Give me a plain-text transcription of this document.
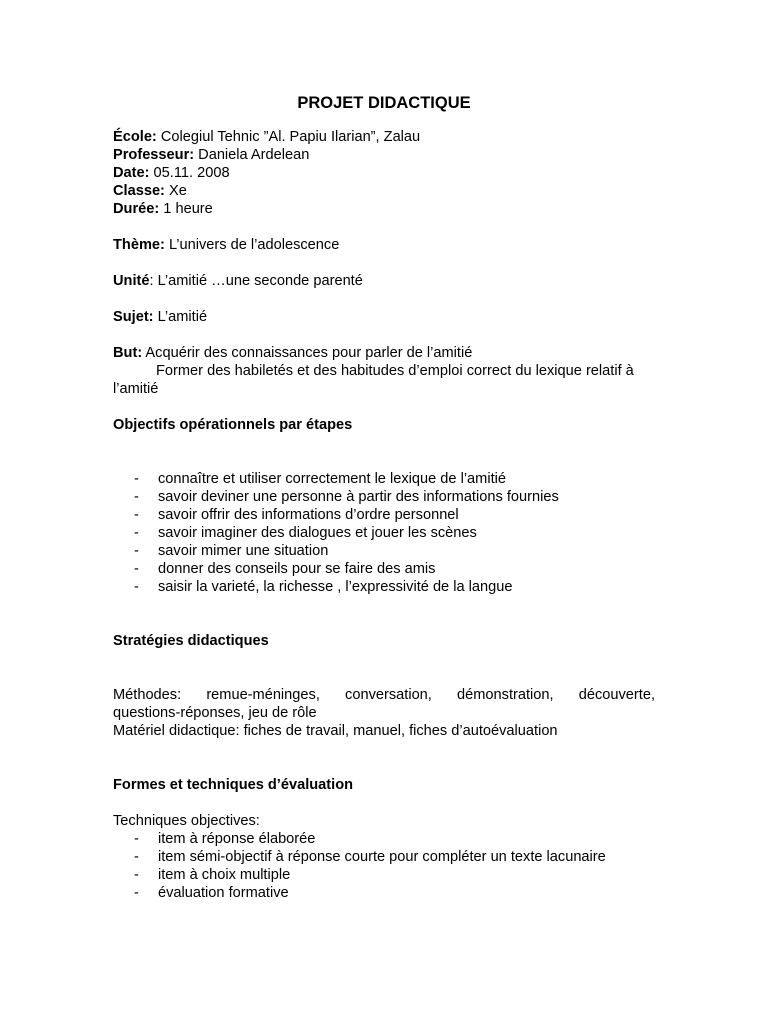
PROJET DIDACTIQUE
École: Colegiul Tehnic ”Al. Papiu Ilarian”, Zalau
Professeur: Daniela Ardelean
Date: 05.11. 2008
Classe: Xe
Durée: 1 heure
Thème: L’univers de l’adolescence
Unité: L’amitié …une seconde parenté
Sujet: L’amitié
But: Acquérir des connaissances pour parler de l’amitié
Former des habiletés et des habitudes d’emploi correct du lexique relatif à
l’amitié
Objectifs opérationnels par étapes
- connaître et utiliser correctement le lexique de l’amitié
- savoir deviner une personne à partir des informations fournies
- savoir offrir des informations d’ordre personnel
- savoir imaginer des dialogues et jouer les scènes
- savoir mimer une situation
- donner des conseils pour se faire des amis
- saisir la varieté, la richesse , l’expressivité de la langue
Stratégies didactiques
Méthodes: remue-méninges, conversation, démonstration, découverte,
questions-réponses, jeu de rôle
Matériel didactique: fiches de travail, manuel, fiches d’autoévaluation
Formes et techniques d’évaluation
Techniques objectives:
- item à réponse élaborée
- item sémi-objectif à réponse courte pour compléter un texte lacunaire
- item à choix multiple
- évaluation formative
